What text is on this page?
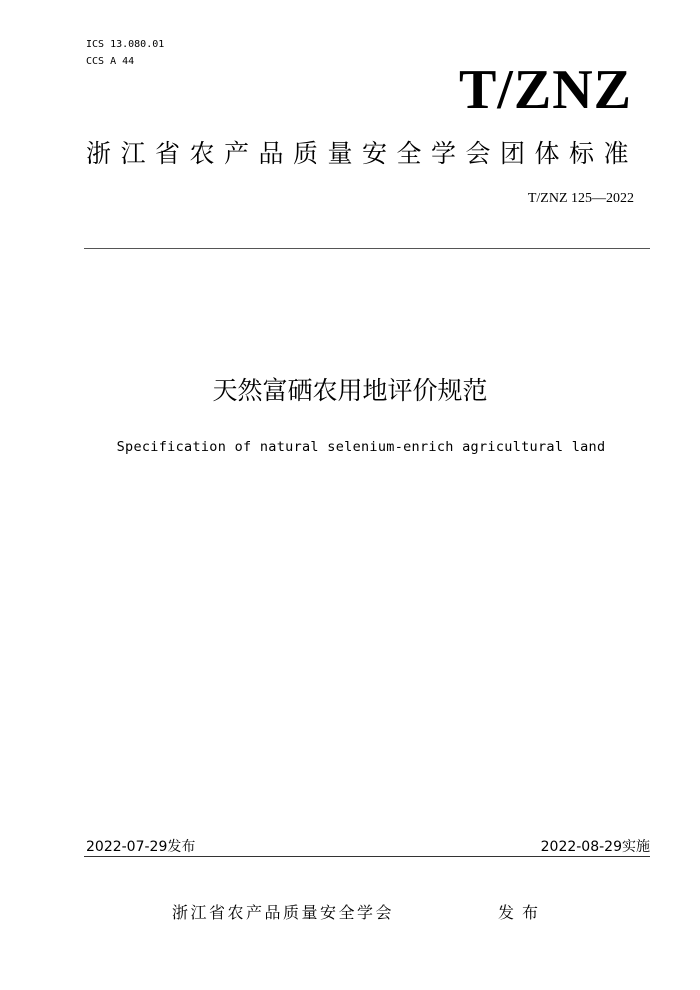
ICS 13.080.01
CCS A 44	T/ZNZ
浙江省农产品质量安全学会团体标准
T/ZNZ 125—2022
天然富硒农用地评价规范
Specification of natural selenium-enrich agricultural land
2022-07-29发布	2022-08-29实施
浙江省农产品质量安全学会	发布
